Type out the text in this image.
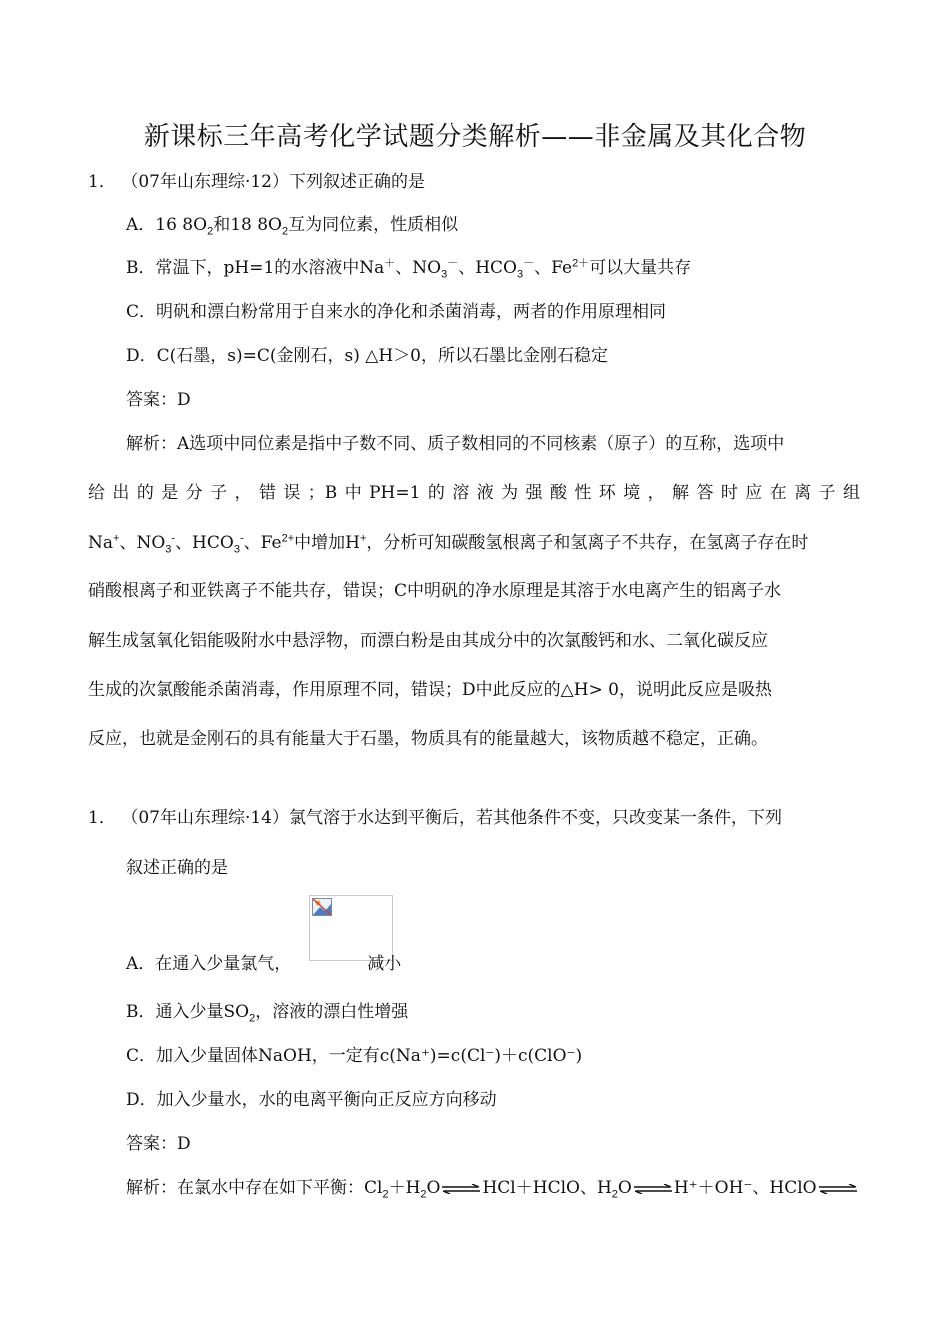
新课标三年高考化学试题分类解析——非金属及其化合物
1． （07年山东理综·12）下列叙述正确的是
A．16 $8O_2$和18 $8O_2$互为同位素，性质相似
B．常温下，pH=1的水溶液中Na＋、$NO_3^-$、$HCO_3^-$、$Fe^{2+}$可以大量共存
C．明矾和漂白粉常用于自来水的净化和杀菌消毒，两者的作用原理相同
D．C(石墨，s)=C(金刚石，s) △H＞0，所以石墨比金刚石稳定
答案：D
解析：A选项中同位素是指中子数不同、质子数相同的不同核素（原子）的互称，选项中
给出的是分子，错误；B中PH=1的溶液为强酸性环境，解答时应在离子组
Na+、$NO_3^-$、$HCO_3^-$、$Fe^{2+}$中增加H+，分析可知碳酸氢根离子和氢离子不共存，在氢离子存在时
硝酸根离子和亚铁离子不能共存，错误；C中明矾的净水原理是其溶于水电离产生的铝离子水
解生成氢氧化铝能吸附水中悬浮物，而漂白粉是由其成分中的次氯酸钙和水、二氧化碳反应
生成的次氯酸能杀菌消毒，作用原理不同，错误；D中此反应的△H> 0，说明此反应是吸热
反应，也就是金刚石的具有能量大于石墨，物质具有的能量越大，该物质越不稳定，正确。
1． （07年山东理综·14）氯气溶于水达到平衡后，若其他条件不变，只改变某一条件，下列
叙述正确的是
A．在通入少量氯气，	减小
B．通入少量$SO_2$，溶液的漂白性增强
C．加入少量固体NaOH，一定有c(Na⁺)=c(Cl⁻)＋c(ClO⁻)
D．加入少量水，水的电离平衡向正反应方向移动
答案：D
解析：在氯水中存在如下平衡：$Cl_2+H_2O$ ⇌ HCl＋HClO、$H_2O$ ⇌ H⁺＋OH⁻、HClO ⇌
